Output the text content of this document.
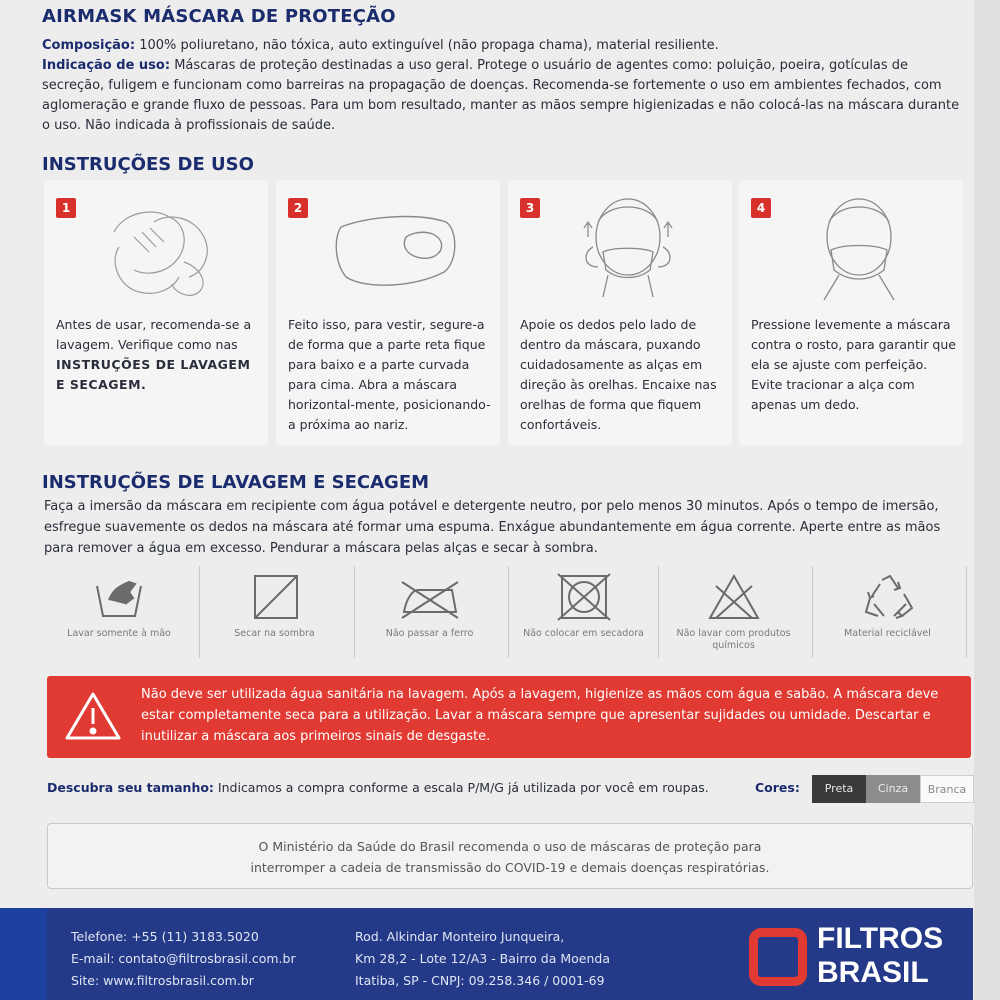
AIRMASK MÁSCARA DE PROTEÇÃO

Composição: 100% poliuretano, não tóxica, auto extinguível (não propaga chama), material resiliente.

Indicação de uso: Máscaras de proteção destinadas a uso geral. Protege o usuário de agentes como: poluição, poeira, gotículas de secreção, fuligem e funcionam como barreiras na propagação de doenças. Recomenda-se fortemente o uso em ambientes fechados, com aglomeração e grande fluxo de pessoas. Para um bom resultado, manter as mãos sempre higienizadas e não colocá-las na máscara durante o uso. Não indicada à profissionais de saúde.

INSTRUÇÕES DE USO
1
Antes de usar, recomenda-se a lavagem. Verifique como nas INSTRUÇÕES DE LAVAGEM E SECAGEM.
2
Feito isso, para vestir, segure-a de forma que a parte reta fique para baixo e a parte curvada para cima. Abra a máscara horizontal-mente, posicionando-a próxima ao nariz.
3
Apoie os dedos pelo lado de dentro da máscara, puxando cuidadosamente as alças em direção às orelhas. Encaixe nas orelhas de forma que fiquem confortáveis.
4
Pressione levemente a máscara contra o rosto, para garantir que ela se ajuste com perfeição. Evite tracionar a alça com apenas um dedo.
INSTRUÇÕES DE LAVAGEM E SECAGEM
Faça a imersão da máscara em recipiente com água potável e detergente neutro, por pelo menos 30 minutos. Após o tempo de imersão, esfregue suavemente os dedos na máscara até formar uma espuma. Enxágue abundantemente em água corrente. Aperte entre as mãos para remover a água em excesso. Pendurar a máscara pelas alças e secar à sombra.
Lavar somente à mão	Secar na sombra	Não passar a ferro	Não colocar em secadora	Não lavar com produtos químicos
Material reciclável
Não deve ser utilizada água sanitária na lavagem. Após a lavagem, higienize as mãos com água e sabão. A máscara deve estar completamente seca para a utilização. Lavar a máscara sempre que apresentar sujidades ou umidade. Descartar e inutilizar a máscara aos primeiros sinais de desgaste.
Descubra seu tamanho: Indicamos a compra conforme a escala P/M/G já utilizada por você em roupas.	Cores:	Preta	Cinza	Branca
O Ministério da Saúde do Brasil recomenda o uso de máscaras de proteção para
interromper a cadeia de transmissão do COVID-19 e demais doenças respiratórias.
Telefone: +55 (11) 3183.5020
E-mail: contato@filtrosbrasil.com.br
Site: www.filtrosbrasil.com.br
Rod. Alkindar Monteiro Junqueira,
Km 28,2 - Lote 12/A3 - Bairro da Moenda
Itatiba, SP - CNPJ: 09.258.346 / 0001-69
FILTROS
BRASIL
